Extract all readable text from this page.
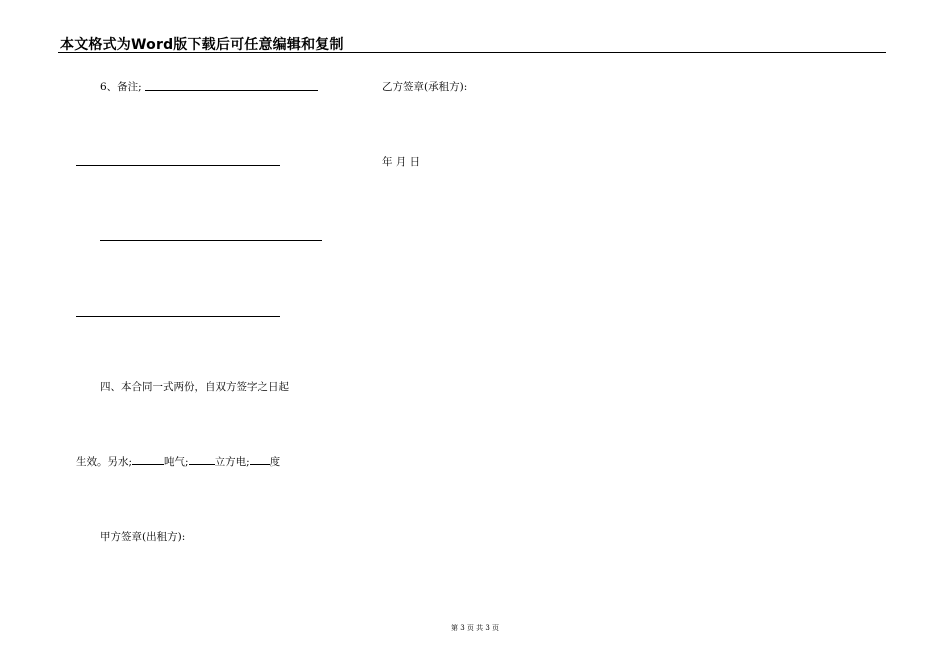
本文格式为Word版下载后可任意编辑和复制
6、备注;
四、本合同一式两份，自双方签字之日起
生效。另水;	吨气; 立方电; 度
甲方签章(出租方):
乙方签章(承租方):
年 月 日
第 3 页 共 3 页
